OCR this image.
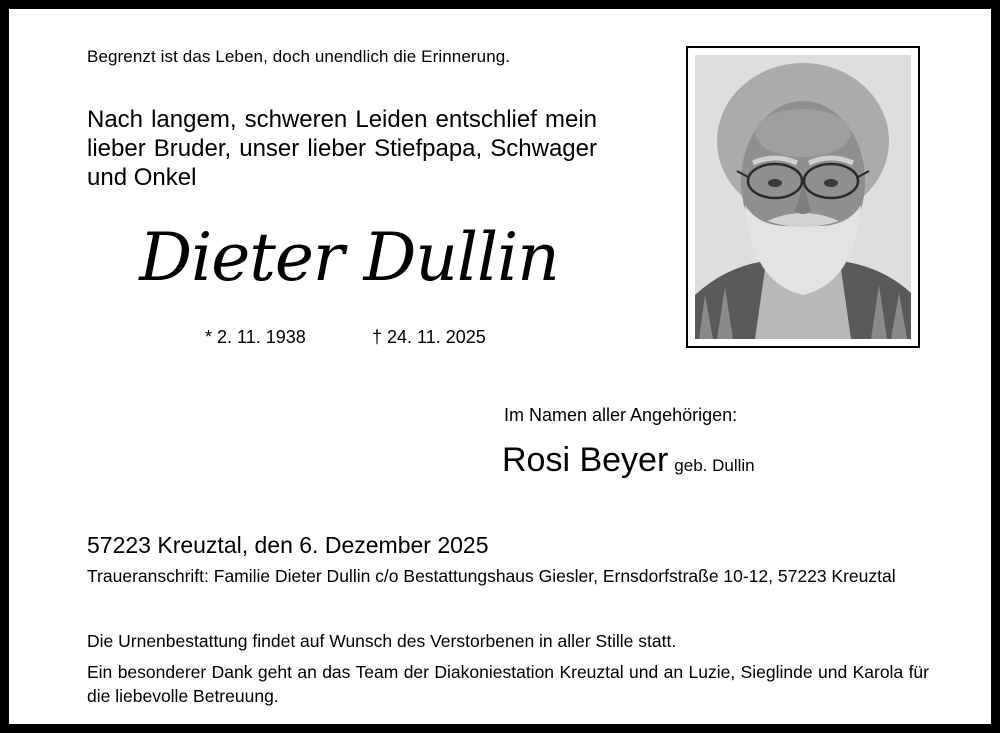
Begrenzt ist das Leben, doch unendlich die Erinnerung.

Nach langem, schweren Leiden entschlief mein lieber Bruder, unser lieber Stiefpapa, Schwager und Onkel

Dieter Dullin
* 2. 11. 1938	† 24. 11. 2025
Im Namen aller Angehörigen:
Rosi Beyer geb. Dullin
57223 Kreuztal, den 6. Dezember 2025

Traueranschrift: Familie Dieter Dullin c/o Bestattungshaus Giesler, Ernsdorfstraße 10-12, 57223 Kreuztal

Die Urnenbestattung findet auf Wunsch des Verstorbenen in aller Stille statt.

Ein besonderer Dank geht an das Team der Diakoniestation Kreuztal und an Luzie, Sieglinde und Karola für die liebevolle Betreuung.
